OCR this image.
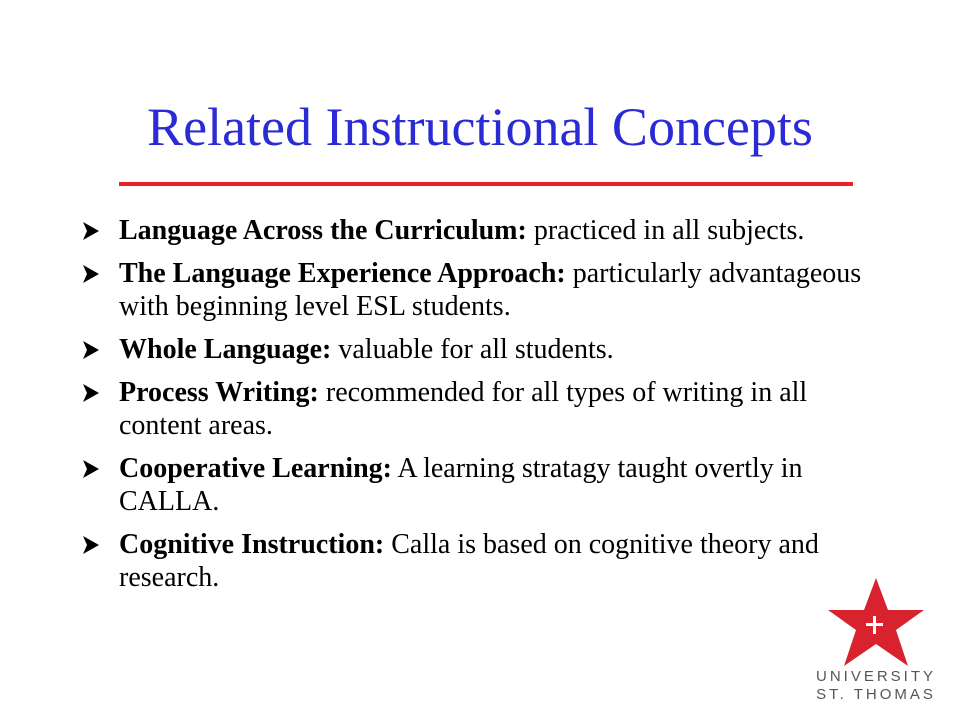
Related Instructional Concepts
Language Across the Curriculum: practiced in all subjects.
The Language Experience Approach: particularly advantageous with beginning level ESL students.
Whole Language: valuable for all students.
Process Writing: recommended for all types of writing in all content areas.
Cooperative Learning: A learning stratagy taught overtly in CALLA.
Cognitive Instruction: Calla is based on cognitive theory and research.
UNIVERSITY
ST. THOMAS
